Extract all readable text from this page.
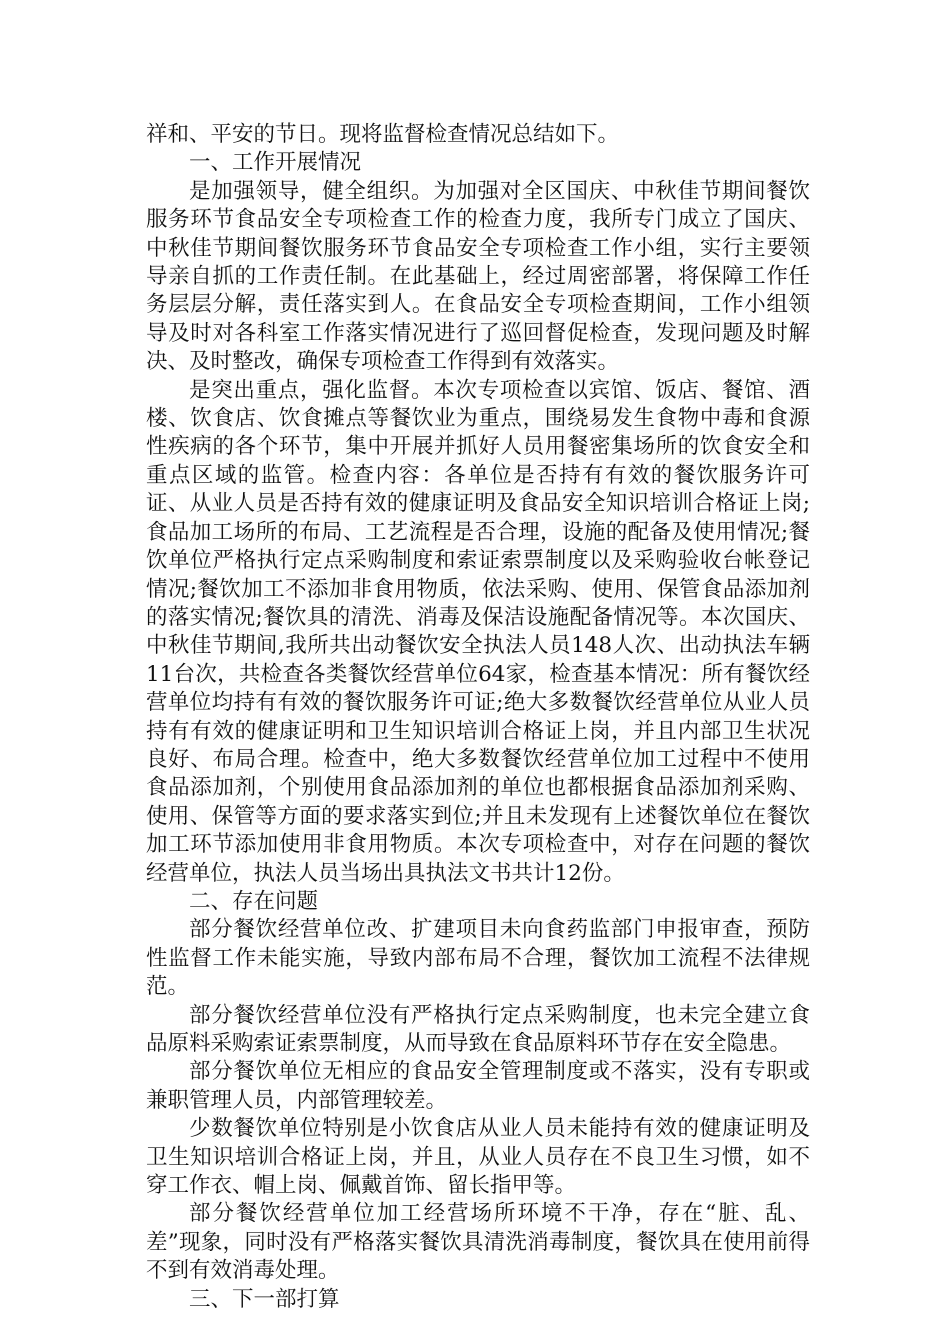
祥和、平安的节日。现将监督检查情况总结如下。

一、工作开展情况

是加强领导，健全组织。为加强对全区国庆、中秋佳节期间餐饮服务环节食品安全专项检查工作的检查力度，我所专门成立了国庆、中秋佳节期间餐饮服务环节食品安全专项检查工作小组，实行主要领导亲自抓的工作责任制。在此基础上，经过周密部署，将保障工作任务层层分解，责任落实到人。在食品安全专项检查期间，工作小组领导及时对各科室工作落实情况进行了巡回督促检查，发现问题及时解决、及时整改，确保专项检查工作得到有效落实。

是突出重点，强化监督。本次专项检查以宾馆、饭店、餐馆、酒楼、饮食店、饮食摊点等餐饮业为重点，围绕易发生食物中毒和食源性疾病的各个环节，集中开展并抓好人员用餐密集场所的饮食安全和重点区域的监管。检查内容：各单位是否持有有效的餐饮服务许可证、从业人员是否持有效的健康证明及食品安全知识培训合格证上岗;食品加工场所的布局、工艺流程是否合理，设施的配备及使用情况;餐饮单位严格执行定点采购制度和索证索票制度以及采购验收台帐登记情况;餐饮加工不添加非食用物质，依法采购、使用、保管食品添加剂的落实情况;餐饮具的清洗、消毒及保洁设施配备情况等。本次国庆、中秋佳节期间,我所共出动餐饮安全执法人员148人次、出动执法车辆11台次，共检查各类餐饮经营单位64家，检查基本情况：所有餐饮经营单位均持有有效的餐饮服务许可证;绝大多数餐饮经营单位从业人员持有有效的健康证明和卫生知识培训合格证上岗，并且内部卫生状况良好、布局合理。检查中，绝大多数餐饮经营单位加工过程中不使用食品添加剂，个别使用食品添加剂的单位也都根据食品添加剂采购、使用、保管等方面的要求落实到位;并且未发现有上述餐饮单位在餐饮加工环节添加使用非食用物质。本次专项检查中，对存在问题的餐饮经营单位，执法人员当场出具执法文书共计12份。

二、存在问题

部分餐饮经营单位改、扩建项目未向食药监部门申报审查，预防性监督工作未能实施，导致内部布局不合理，餐饮加工流程不法律规范。

部分餐饮经营单位没有严格执行定点采购制度，也未完全建立食品原料采购索证索票制度，从而导致在食品原料环节存在安全隐患。

部分餐饮单位无相应的食品安全管理制度或不落实，没有专职或兼职管理人员，内部管理较差。

少数餐饮单位特别是小饮食店从业人员未能持有效的健康证明及卫生知识培训合格证上岗，并且，从业人员存在不良卫生习惯，如不穿工作衣、帽上岗、佩戴首饰、留长指甲等。

部分餐饮经营单位加工经营场所环境不干净，存在“脏、乱、差”现象，同时没有严格落实餐饮具清洗消毒制度，餐饮具在使用前得不到有效消毒处理。

三、下一部打算
